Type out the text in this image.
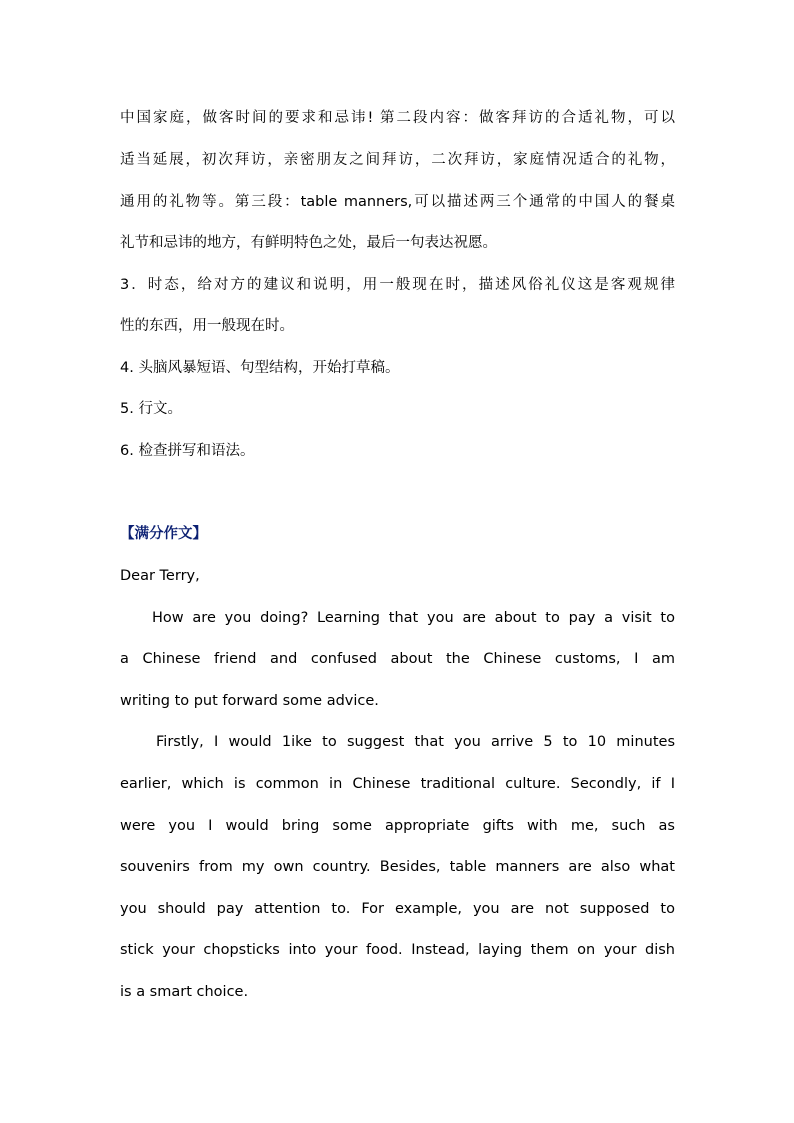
中国家庭，做客时间的要求和忌讳! 第二段内容：做客拜访的合适礼物，可以
适当延展，初次拜访，亲密朋友之间拜访，二次拜访，家庭情况适合的礼物，
通用的礼物等。第三段：table manners,可以描述两三个通常的中国人的餐桌
礼节和忌讳的地方，有鲜明特色之处，最后一句表达祝愿。
3．时态，给对方的建议和说明，用一般现在时，描述风俗礼仪这是客观规律
性的东西，用一般现在时。
4. 头脑风暴短语、句型结构，开始打草稿。
5. 行文。
6. 检查拼写和语法。
【满分作文】
Dear Terry,
How are you doing? Learning that you are about to pay a visit to
a Chinese friend and confused about the Chinese customs, I am
writing to put forward some advice.
Firstly, I would 1ike to suggest that you arrive 5 to 10 minutes
earlier, which is common in Chinese traditional culture. Secondly, if I
were you I would bring some appropriate gifts with me, such as
souvenirs from my own country. Besides, table manners are also what
you should pay attention to. For example, you are not supposed to
stick your chopsticks into your food. Instead, laying them on your dish
is a smart choice.
